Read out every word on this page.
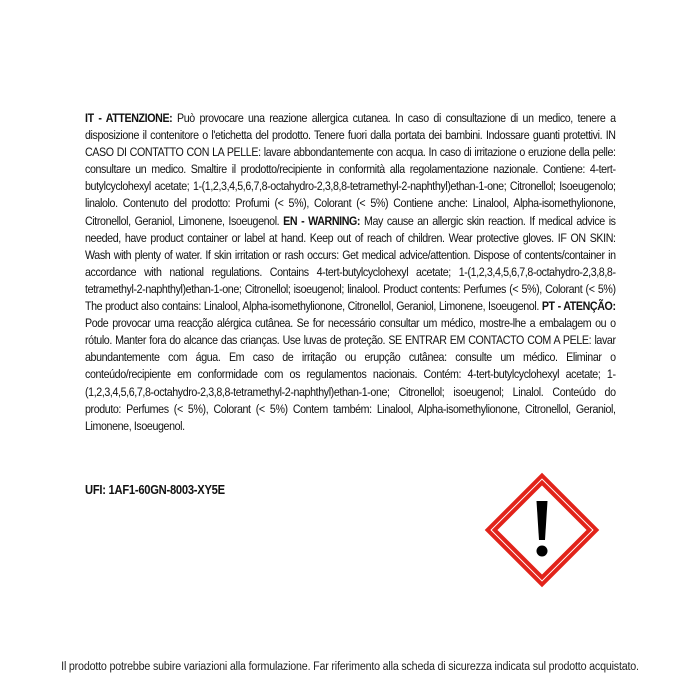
IT - ATTENZIONE: Può provocare una reazione allergica cutanea. In caso di consultazione di un medico, tenere a disposizione il contenitore o l'etichetta del prodotto. Tenere fuori dalla portata dei bambini. Indossare guanti protettivi. IN CASO DI CONTATTO CON LA PELLE: lavare abbondantemente con acqua. In caso di irritazione o eruzione della pelle: consultare un medico. Smaltire il prodotto/recipiente in conformità alla regolamentazione nazionale. Contiene: 4-tert-butylcyclohexyl acetate; 1-(1,2,3,4,5,6,7,8-octahydro-2,3,8,8-tetramethyl-2-naphthyl)ethan-1-one; Citronellol; Isoeugenolo; linalolo. Contenuto del prodotto: Profumi (< 5%), Colorant (< 5%) Contiene anche: Linalool, Alpha-isomethylionone, Citronellol, Geraniol, Limonene, Isoeugenol. EN - WARNING: May cause an allergic skin reaction. If medical advice is needed, have product container or label at hand. Keep out of reach of children. Wear protective gloves. IF ON SKIN: Wash with plenty of water. If skin irritation or rash occurs: Get medical advice/attention. Dispose of contents/container in accordance with national regulations. Contains 4-tert-butylcyclohexyl acetate; 1-(1,2,3,4,5,6,7,8-octahydro-2,3,8,8-tetramethyl-2-naphthyl)ethan-1-one; Citronellol; isoeugenol; linalool. Product contents: Perfumes (< 5%), Colorant (< 5%) The product also contains: Linalool, Alpha-isomethylionone, Citronellol, Geraniol, Limonene, Isoeugenol. PT - ATENÇÃO: Pode provocar uma reacção alérgica cutânea. Se for necessário consultar um médico, mostre-lhe a embalagem ou o rótulo. Manter fora do alcance das crianças. Use luvas de proteção. SE ENTRAR EM CONTACTO COM A PELE: lavar abundantemente com água. Em caso de irritação ou erupção cutânea: consulte um médico. Eliminar o conteúdo/recipiente em conformidade com os regulamentos nacionais. Contém: 4-tert-butylcyclohexyl acetate; 1-(1,2,3,4,5,6,7,8-octahydro-2,3,8,8-tetramethyl-2-naphthyl)ethan-1-one; Citronellol; isoeugenol; Linalol. Conteúdo do produto: Perfumes (< 5%), Colorant (< 5%) Contem também: Linalool, Alpha-isomethylionone, Citronellol, Geraniol, Limonene, Isoeugenol.
UFI: 1AF1-60GN-8003-XY5E
Il prodotto potrebbe subire variazioni alla formulazione. Far riferimento alla scheda di sicurezza indicata sul prodotto acquistato.
